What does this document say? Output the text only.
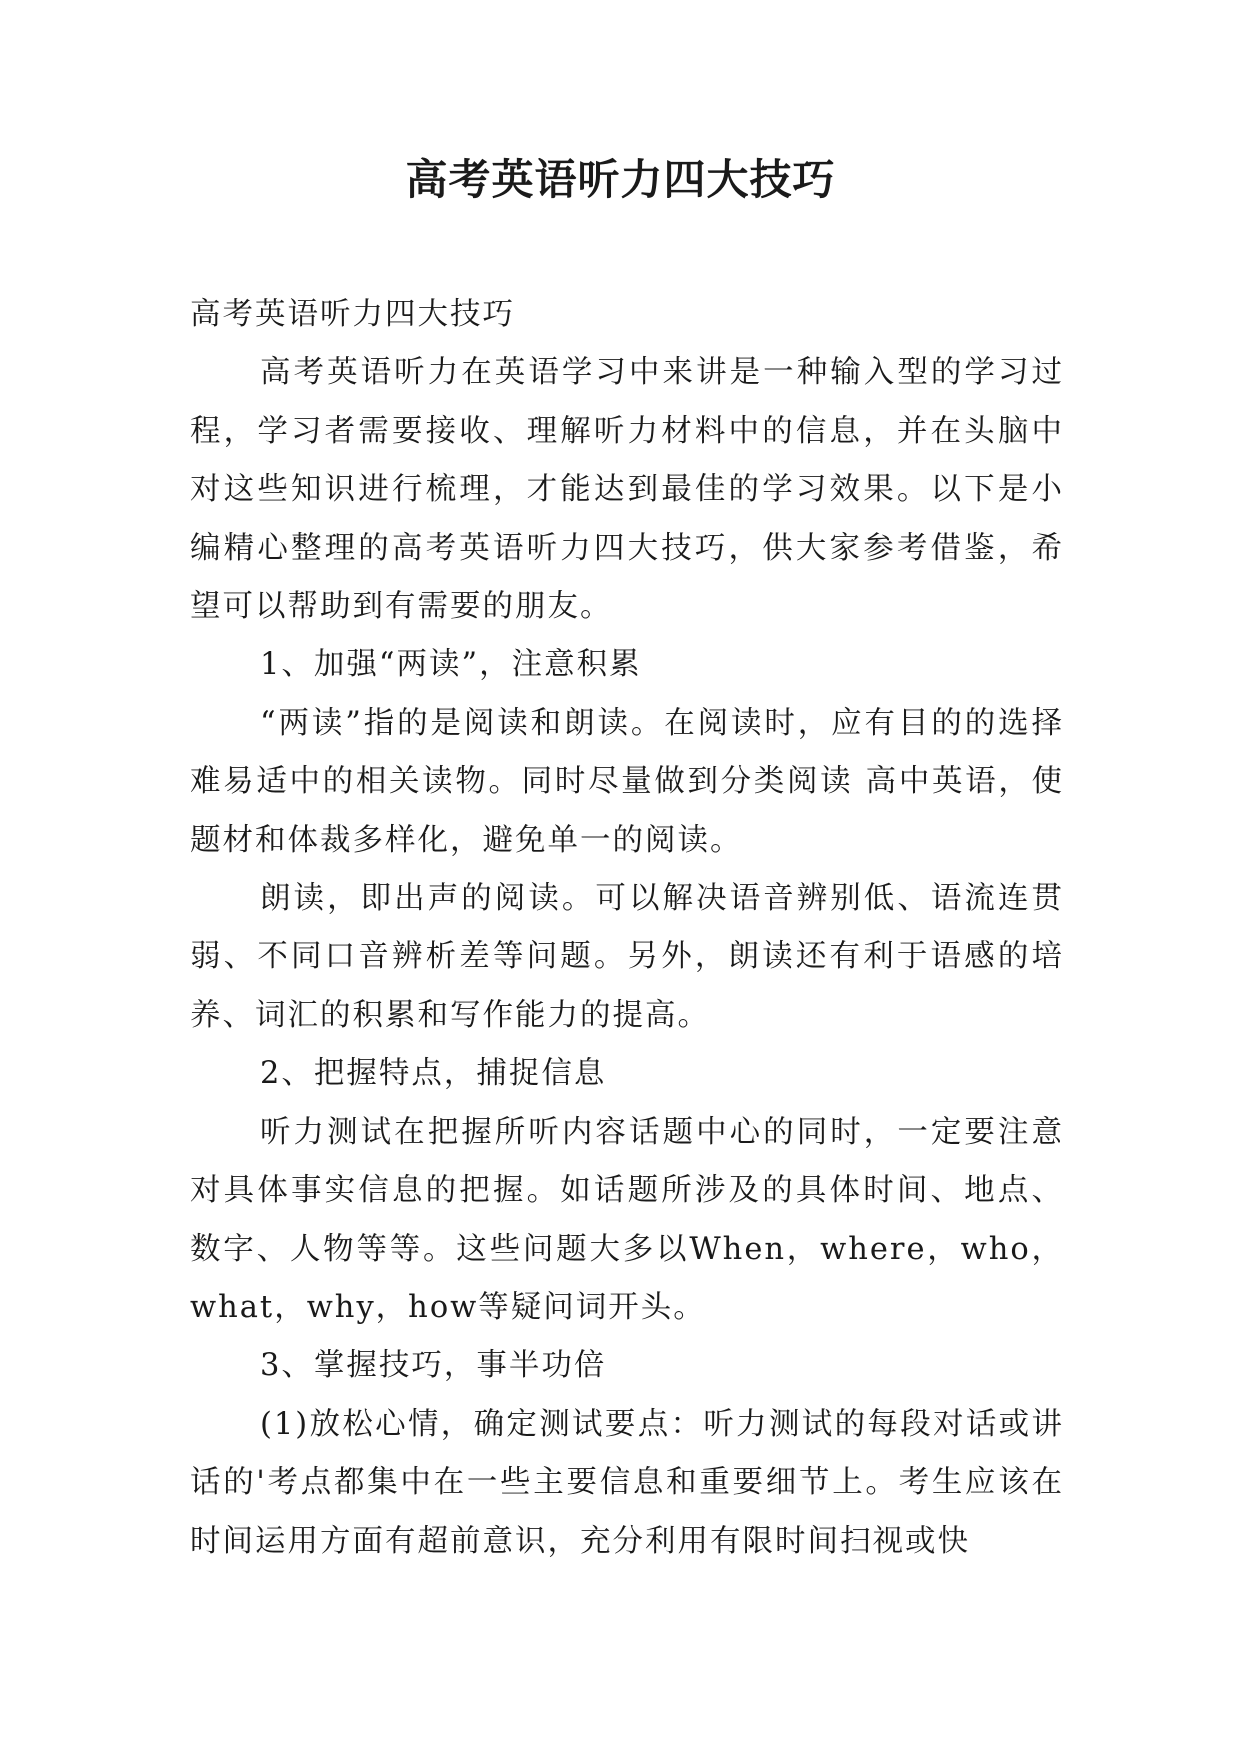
高考英语听力四大技巧

高考英语听力四大技巧

高考英语听力在英语学习中来讲是一种输入型的学习过程，学习者需要接收、理解听力材料中的信息，并在头脑中对这些知识进行梳理，才能达到最佳的学习效果。以下是小编精心整理的高考英语听力四大技巧，供大家参考借鉴，希望可以帮助到有需要的朋友。

1、加强“两读”，注意积累

“两读”指的是阅读和朗读。在阅读时，应有目的的选择难易适中的相关读物。同时尽量做到分类阅读 高中英语，使题材和体裁多样化，避免单一的阅读。

朗读，即出声的阅读。可以解决语音辨别低、语流连贯弱、不同口音辨析差等问题。另外，朗读还有利于语感的培养、词汇的积累和写作能力的提高。

2、把握特点，捕捉信息

听力测试在把握所听内容话题中心的同时，一定要注意对具体事实信息的把握。如话题所涉及的具体时间、地点、数字、人物等等。这些问题大多以When，where，who，what，why，how等疑问词开头。

3、掌握技巧，事半功倍

(1)放松心情，确定测试要点：听力测试的每段对话或讲话的'考点都集中在一些主要信息和重要细节上。考生应该在时间运用方面有超前意识，充分利用有限时间扫视或快
